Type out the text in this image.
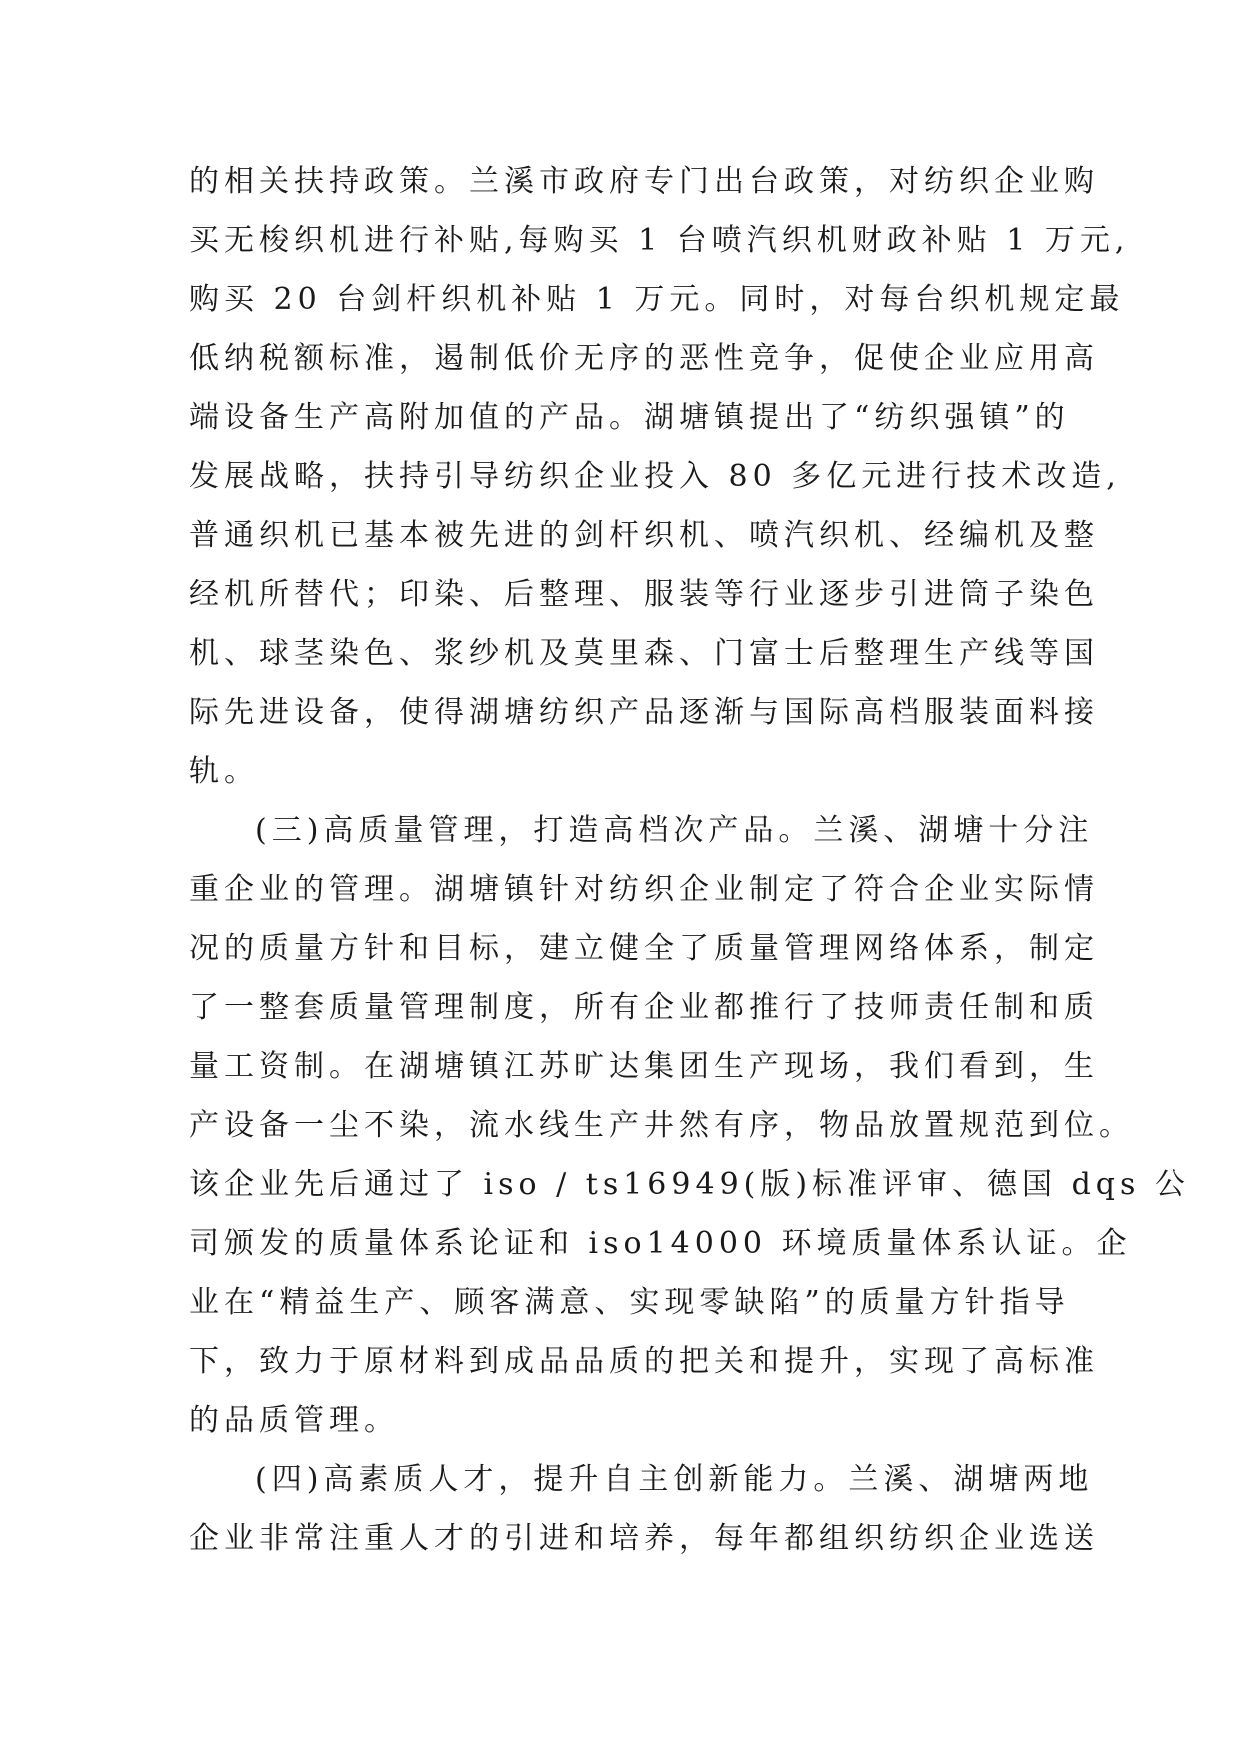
的相关扶持政策。兰溪市政府专门出台政策，对纺织企业购
买无梭织机进行补贴,每购买 1 台喷汽织机财政补贴 1 万元,
购买 20 台剑杆织机补贴 1 万元。同时，对每台织机规定最
低纳税额标准，遏制低价无序的恶性竞争，促使企业应用高
端设备生产高附加值的产品。湖塘镇提出了“纺织强镇”的
发展战略，扶持引导纺织企业投入 80 多亿元进行技术改造,
普通织机已基本被先进的剑杆织机、喷汽织机、经编机及整
经机所替代；印染、后整理、服装等行业逐步引进筒子染色
机、球茎染色、浆纱机及莫里森、门富士后整理生产线等国
际先进设备，使得湖塘纺织产品逐渐与国际高档服装面料接
轨。
(三)高质量管理，打造高档次产品。兰溪、湖塘十分注
重企业的管理。湖塘镇针对纺织企业制定了符合企业实际情
况的质量方针和目标，建立健全了质量管理网络体系，制定
了一整套质量管理制度，所有企业都推行了技师责任制和质
量工资制。在湖塘镇江苏旷达集团生产现场，我们看到，生
产设备一尘不染，流水线生产井然有序，物品放置规范到位。
该企业先后通过了 iso / ts16949(版)标准评审、德国 dqs 公
司颁发的质量体系论证和 iso14000 环境质量体系认证。企
业在“精益生产、顾客满意、实现零缺陷”的质量方针指导
下，致力于原材料到成品品质的把关和提升，实现了高标准
的品质管理。
(四)高素质人才，提升自主创新能力。兰溪、湖塘两地
企业非常注重人才的引进和培养，每年都组织纺织企业选送
